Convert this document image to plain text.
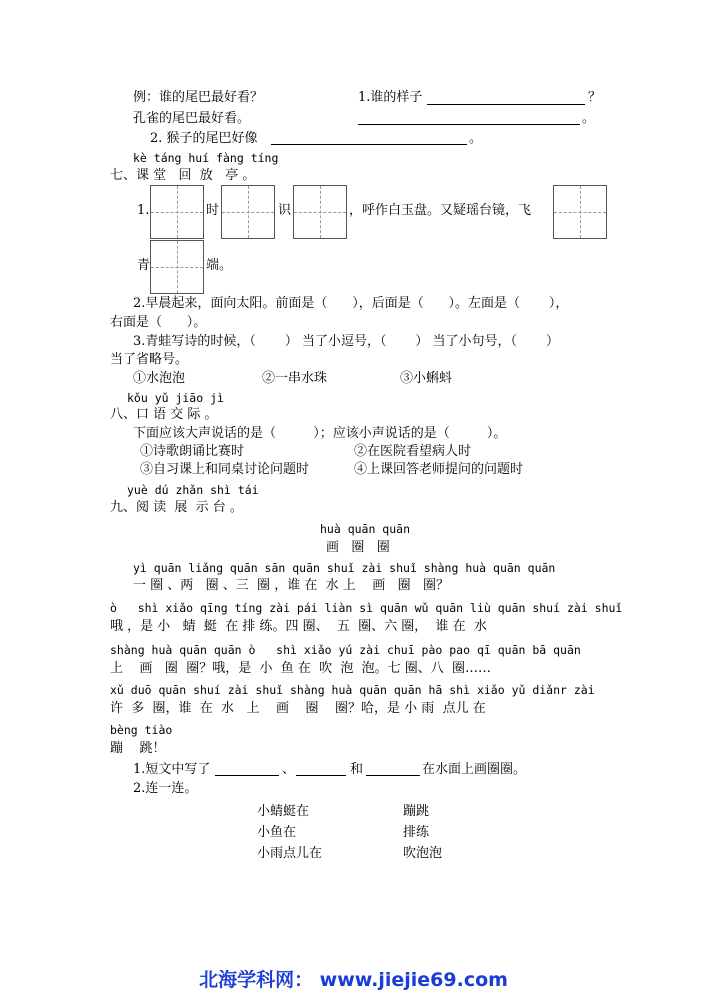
例：谁的尾巴最好看？	1.谁的样子	？
孔雀的尾巴最好看。	。
2. 猴子的尾巴好像	。
kè táng huí fàng tíng
七、课 堂   回  放   亭 。
1.	时	识	，呼作白玉盘。又疑瑶台镜，飞
青	端。
2.早晨起来，面向太阳。前面是（      ），后面是（      ）。左面是（       ），
右面是（      ）。
3.青蛙写诗的时候，（       ） 当了小逗号，（       ） 当了小句号，（       ）
当了省略号。
①水泡泡	②一串水珠	③小蝌蚪
kǒu yǔ jiāo jì
八、口 语 交 际 。
下面应该大声说话的是（         ）；应该小声说话的是（         ）。
①诗歌朗诵比赛时	②在医院看望病人时
③自习课上和同桌讨论问题时	④上课回答老师提问的问题时
yuè dú zhǎn shì tái
九、阅 读  展  示 台 。
huà quān quān
画   圈   圈
yì quān liǎng quān sān quān shuǐ zài shuǐ shàng huà quān quān
一 圈 、两   圈 、三  圈 ，谁 在  水 上    画   圈   圈？
ò   shì xiǎo qīng tíng zài pái liàn sì quān wǔ quān liù quān shuí zài shuǐ
哦 ，是 小   蜻  蜓  在 排 练。四 圈、  五  圈、六 圈，  谁 在  水
shàng huà quān quān ò   shì xiǎo yú zài chuī pào pao qī quān bā quān
上    画   圈  圈？哦，是  小  鱼 在  吹  泡  泡。七 圈、八  圈……
xǔ duō quān shuí zài shuǐ shàng huà quān quān hā shì xiǎo yǔ diǎnr zài
许  多  圈，谁  在  水   上    画    圈    圈？哈，是 小 雨  点儿 在
bèng tiào
蹦    跳！
1.短文中写了	、	和	在水面上画圈圈。
2.连一连。
小蜻蜓在	蹦跳
小鱼在	排练
小雨点儿在	吹泡泡
北海学科网： www.jiejie69.com
